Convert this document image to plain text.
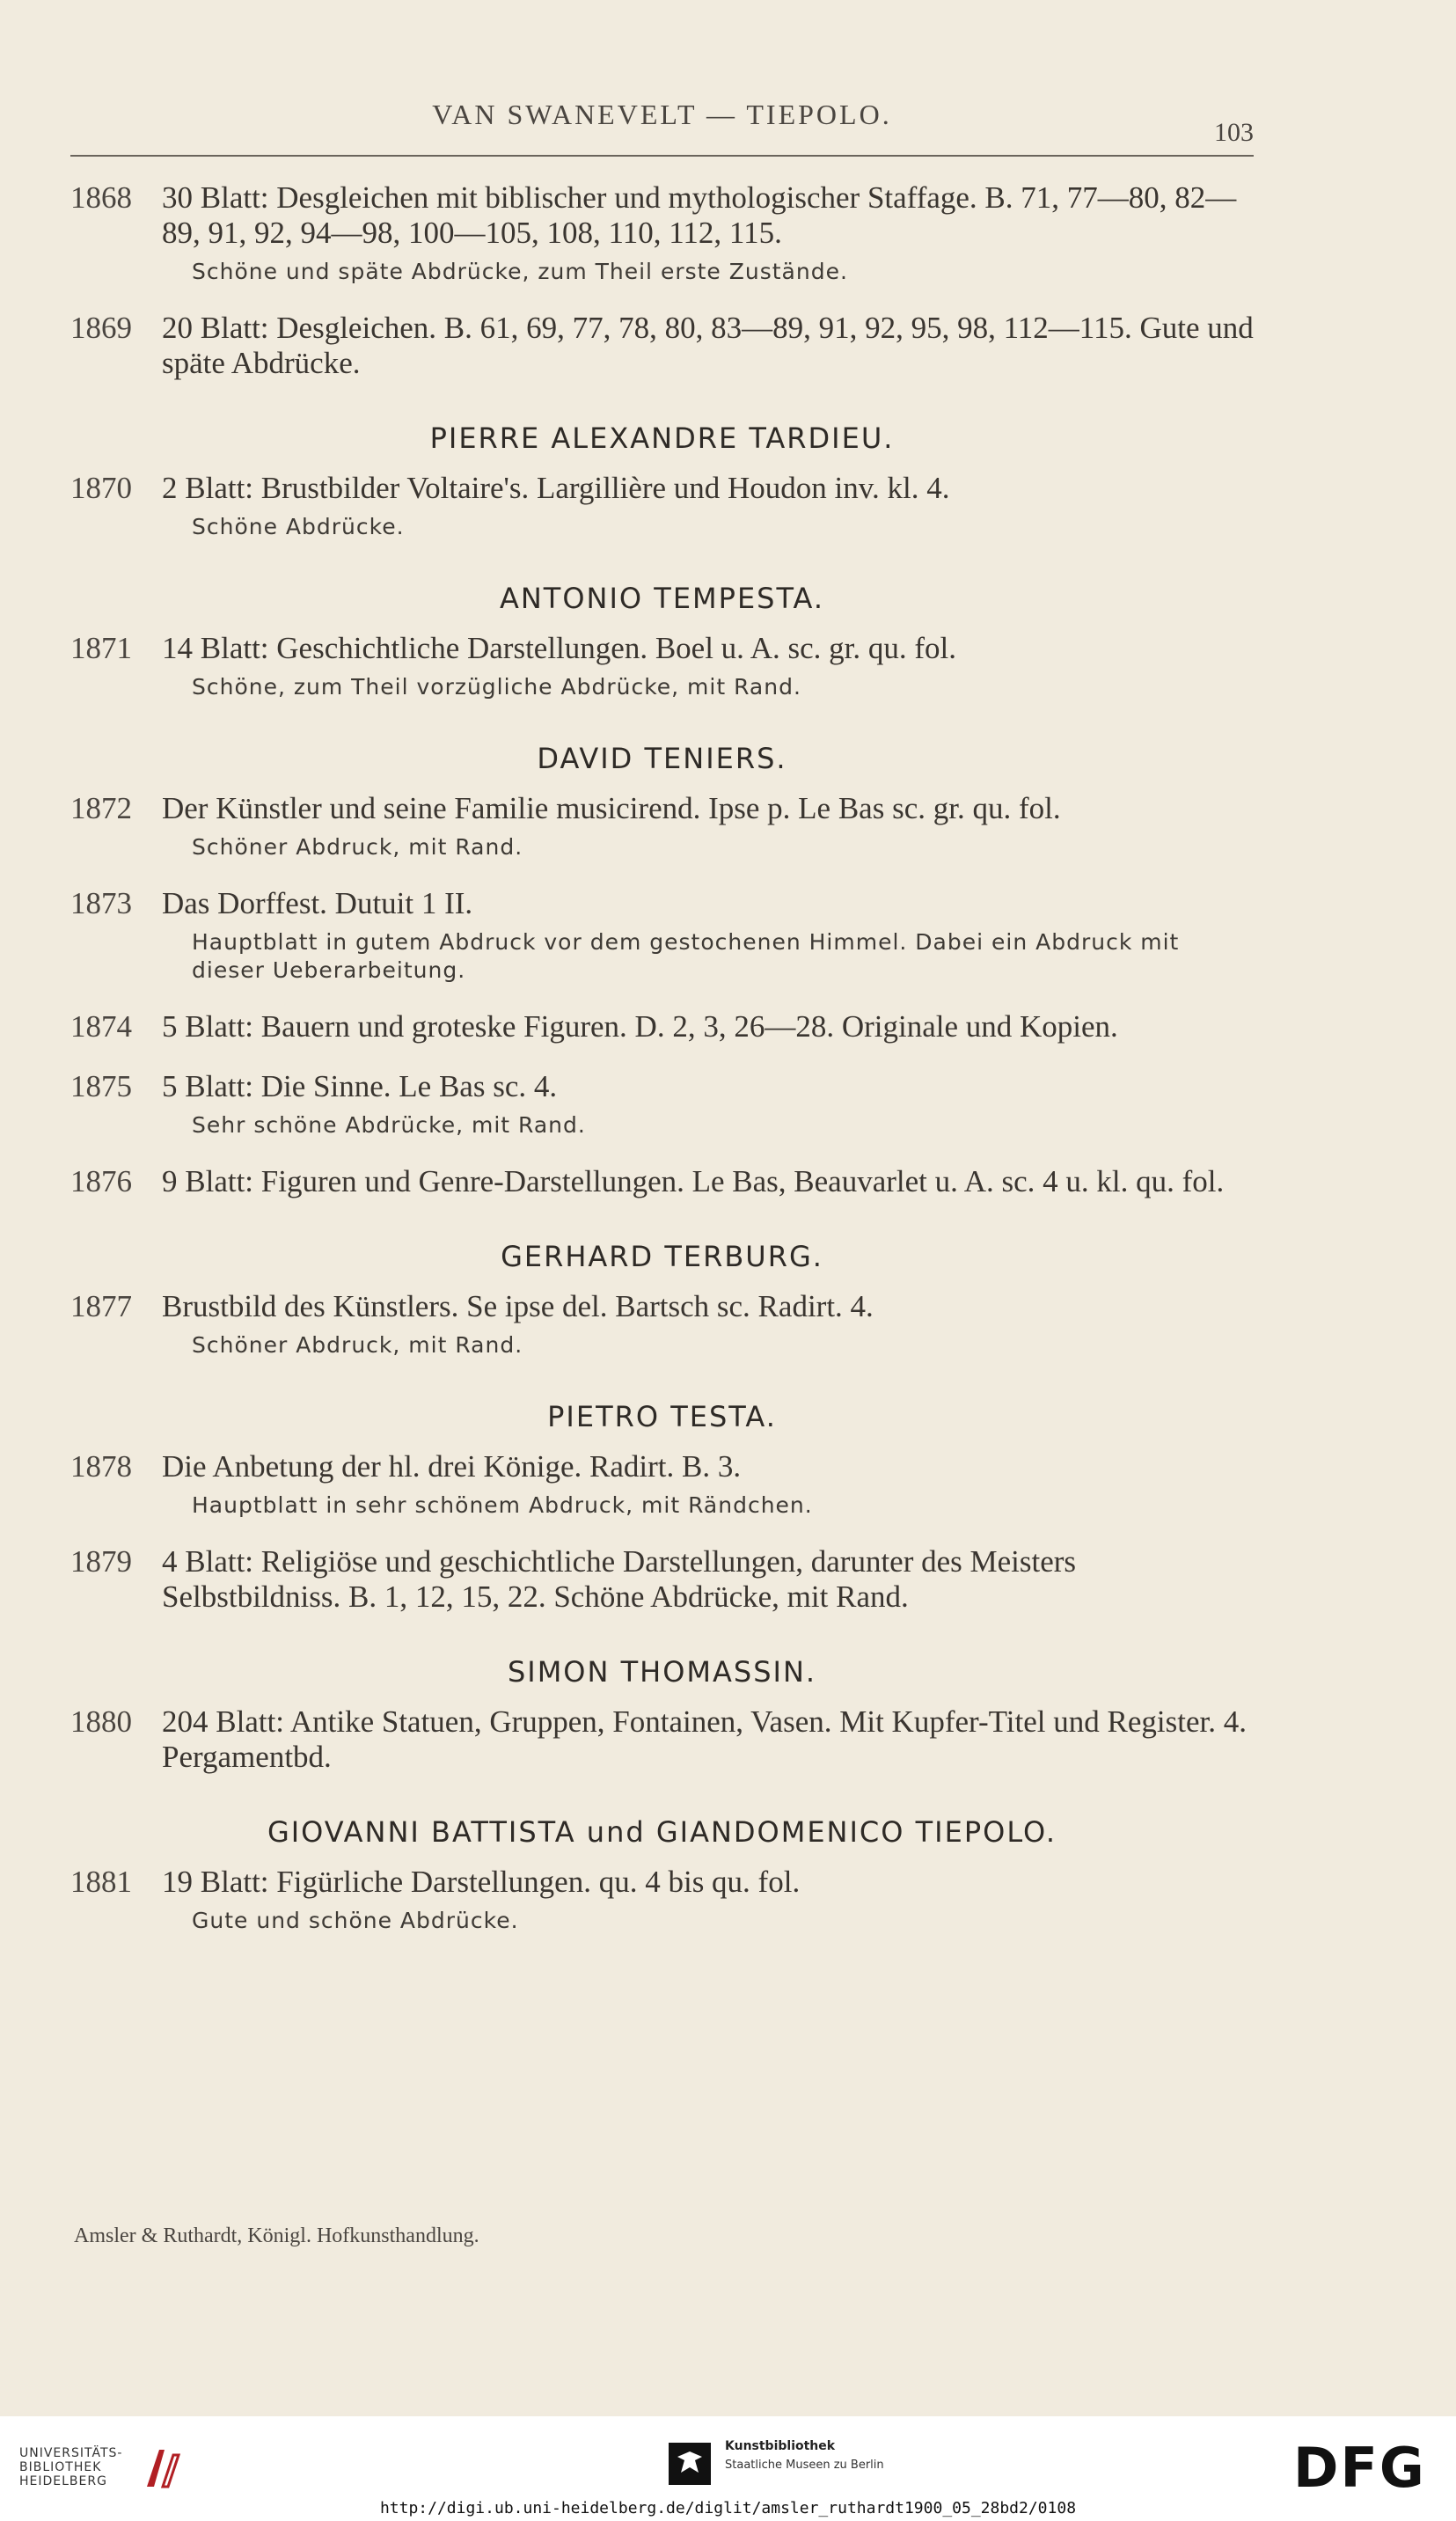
VAN SWANEVELT — TIEPOLO.
103
1868 30 Blatt: Desgleichen mit biblischer und mythologischer Staffage. B. 71, 77—80, 82—89, 91, 92, 94—98, 100—105, 108, 110, 112, 115.

Schöne und späte Abdrücke, zum Theil erste Zustände.

1869 20 Blatt: Desgleichen. B. 61, 69, 77, 78, 80, 83—89, 91, 92, 95, 98, 112—115. Gute und späte Abdrücke.

PIERRE ALEXANDRE TARDIEU.
1870 2 Blatt: Brustbilder Voltaire's. Largillière und Houdon inv. kl. 4.

Schöne Abdrücke.

ANTONIO TEMPESTA.
1871 14 Blatt: Geschichtliche Darstellungen. Boel u. A. sc. gr. qu. fol.

Schöne, zum Theil vorzügliche Abdrücke, mit Rand.

DAVID TENIERS.
1872 Der Künstler und seine Familie musicirend. Ipse p. Le Bas sc. gr. qu. fol.

Schöner Abdruck, mit Rand.

1873 Das Dorffest. Dutuit 1 II.

Hauptblatt in gutem Abdruck vor dem gestochenen Himmel. Dabei ein Abdruck mit dieser Ueberarbeitung.

1874 5 Blatt: Bauern und groteske Figuren. D. 2, 3, 26—28. Originale und Kopien.

1875 5 Blatt: Die Sinne. Le Bas sc. 4.

Sehr schöne Abdrücke, mit Rand.

1876 9 Blatt: Figuren und Genre-Darstellungen. Le Bas, Beauvarlet u. A. sc. 4 u. kl. qu. fol.

GERHARD TERBURG.
1877 Brustbild des Künstlers. Se ipse del. Bartsch sc. Radirt. 4.

Schöner Abdruck, mit Rand.

PIETRO TESTA.
1878 Die Anbetung der hl. drei Könige. Radirt. B. 3.

Hauptblatt in sehr schönem Abdruck, mit Rändchen.

1879 4 Blatt: Religiöse und geschichtliche Darstellungen, darunter des Meisters Selbstbildniss. B. 1, 12, 15, 22. Schöne Abdrücke, mit Rand.

SIMON THOMASSIN.
1880 204 Blatt: Antike Statuen, Gruppen, Fontainen, Vasen. Mit Kupfer-Titel und Register. 4. Pergamentbd.

GIOVANNI BATTISTA und GIANDOMENICO TIEPOLO.
1881 19 Blatt: Figürliche Darstellungen. qu. 4 bis qu. fol.

Gute und schöne Abdrücke.

Amsler & Ruthardt, Königl. Hofkunsthandlung.
UNIVERSITÄTS- BIBLIOTHEK HEIDELBERG
Kunstbibliothek
Staatliche Museen zu Berlin	DFG
http://digi.ub.uni-heidelberg.de/diglit/amsler_ruthardt1900_05_28bd2/0108
